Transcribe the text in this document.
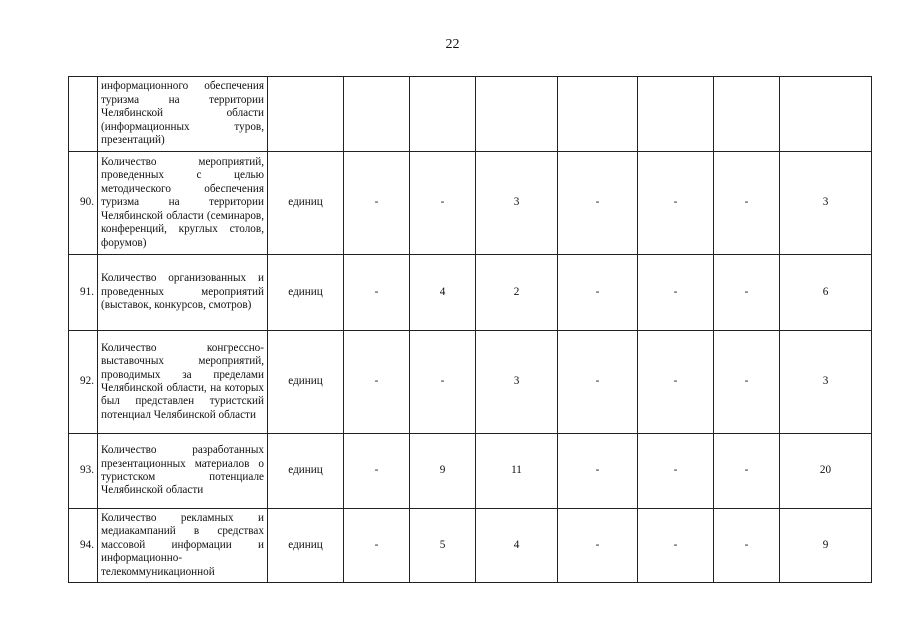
22

	информационного обеспечения туризма на территории Челябинской области (информационных туров, презентаций)								

90.	Количество мероприятий, проведенных с целью методического обеспечения туризма на территории Челябинской области (семинаров, конференций, круглых столов, форумов)	единиц	-	-	3	-	-	-	3
91.	Количество организованных и проведенных мероприятий (выставок, конкурсов, смотров)	единиц	-	4	2	-	-	-	6
92.	Количество конгрессно-выставочных мероприятий, проводимых за пределами Челябинской области, на которых был представлен туристский потенциал Челябинской области	единиц	-	-	3	-	-	-	3
93.	Количество разработанных презентационных материалов о туристском потенциале Челябинской области	единиц	-	9	11	-	-	-	20
94.	Количество рекламных и медиакампаний в средствах массовой информации и информационно-телекоммуникационной	единиц	-	5	4	-	-	-	9
